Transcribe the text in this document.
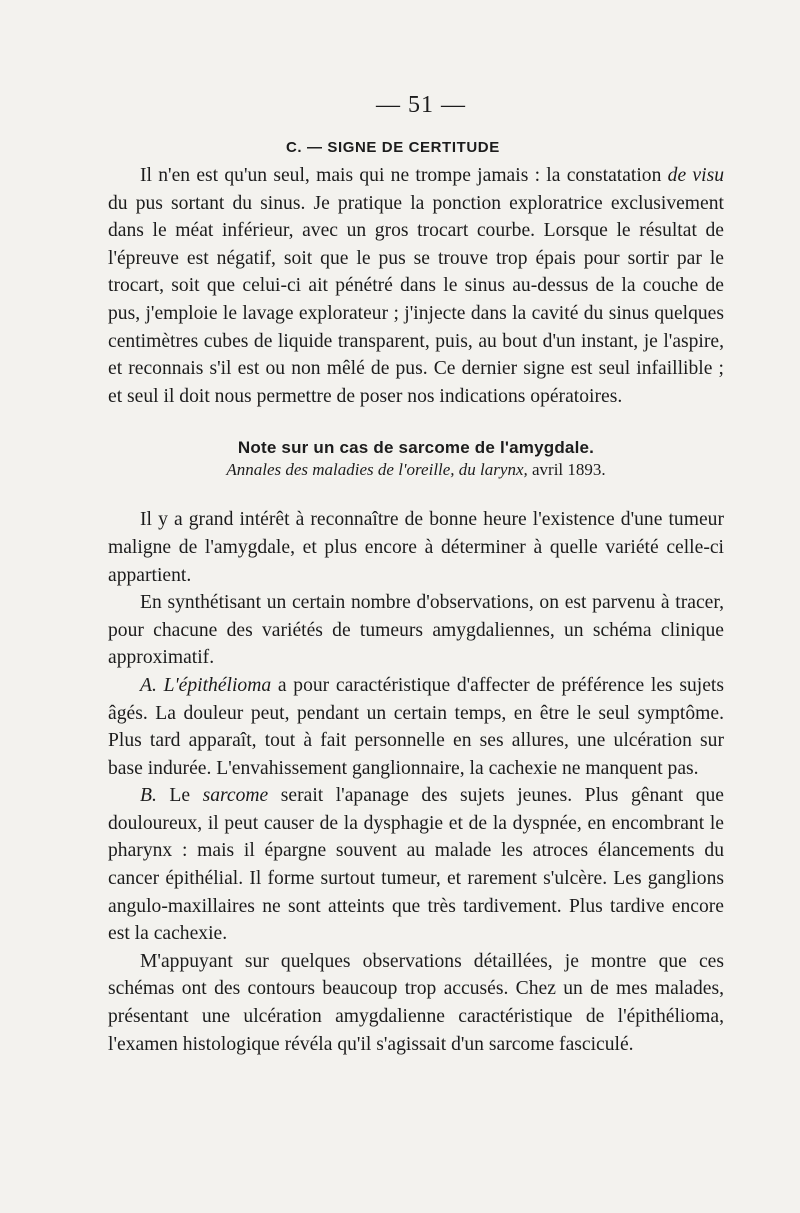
— 51 —
C. — SIGNE DE CERTITUDE

Il n'en est qu'un seul, mais qui ne trompe jamais : la constatation de visu du pus sortant du sinus. Je pratique la ponction exploratrice exclusivement dans le méat inférieur, avec un gros trocart courbe. Lorsque le résultat de l'épreuve est négatif, soit que le pus se trouve trop épais pour sortir par le trocart, soit que celui-ci ait pénétré dans le sinus au-dessus de la couche de pus, j'emploie le lavage explorateur ; j'injecte dans la cavité du sinus quelques centimètres cubes de liquide transparent, puis, au bout d'un instant, je l'aspire, et reconnais s'il est ou non mêlé de pus. Ce dernier signe est seul infaillible ; et seul il doit nous permettre de poser nos indications opératoires.

Note sur un cas de sarcome de l'amygdale.
Annales des maladies de l'oreille, du larynx, avril 1893.

Il y a grand intérêt à reconnaître de bonne heure l'existence d'une tumeur maligne de l'amygdale, et plus encore à déterminer à quelle variété celle-ci appartient.

En synthétisant un certain nombre d'observations, on est parvenu à tracer, pour chacune des variétés de tumeurs amygdaliennes, un schéma clinique approximatif.

A. L'épithélioma a pour caractéristique d'affecter de préférence les sujets âgés. La douleur peut, pendant un certain temps, en être le seul symptôme. Plus tard apparaît, tout à fait personnelle en ses allures, une ulcération sur base indurée. L'envahissement ganglionnaire, la cachexie ne manquent pas.

B. Le sarcome serait l'apanage des sujets jeunes. Plus gênant que douloureux, il peut causer de la dysphagie et de la dyspnée, en encombrant le pharynx : mais il épargne souvent au malade les atroces élancements du cancer épithélial. Il forme surtout tumeur, et rarement s'ulcère. Les ganglions angulo-maxillaires ne sont atteints que très tardivement. Plus tardive encore est la cachexie.

M'appuyant sur quelques observations détaillées, je montre que ces schémas ont des contours beaucoup trop accusés. Chez un de mes malades, présentant une ulcération amygdalienne caractéristique de l'épithélioma, l'examen histologique révéla qu'il s'agissait d'un sarcome fasciculé.
